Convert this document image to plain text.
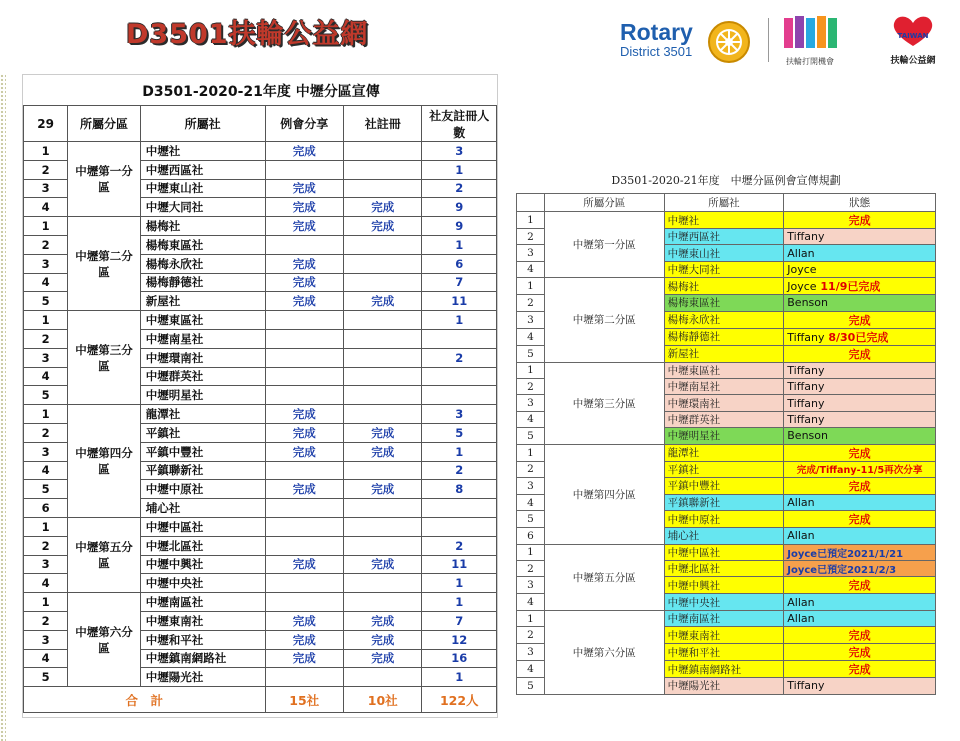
D3501扶輪公益網	Rotary
District 3501
扶輪打開機會
TAIWAN
扶輪公益網
D3501-2020-21年度 中壢分區宣傳
29	所屬分區	所屬社	例會分享	社註冊	社友註冊人數
1	中壢第一分區	中壢社	完成		3
2		中壢西區社			1
3		中壢東山社	完成		2
4		中壢大同社	完成	完成	9
1	中壢第二分區	楊梅社	完成	完成	9
2		楊梅東區社			1
3		楊梅永欣社	完成		6
4		楊梅靜德社	完成		7
5		新屋社	完成	完成	11
1	中壢第三分區	中壢東區社			1
2		中壢南星社			
3		中壢環南社			2
4		中壢群英社			
5		中壢明星社			
1	中壢第四分區	龍潭社	完成		3
2		平鎮社	完成	完成	5
3		平鎮中豐社	完成	完成	1
4		平鎮聯新社			2
5		中壢中原社	完成	完成	8
6		埔心社			
1	中壢第五分區	中壢中區社			
2		中壢北區社			2
3		中壢中興社	完成	完成	11
4		中壢中央社			1
1	中壢第六分區	中壢南區社			1
2		中壢東南社	完成	完成	7
3		中壢和平社	完成	完成	12
4		中壢鎮南網路社	完成	完成	16
5		中壢陽光社			1
合　計			15社	10社	122人
D3501-2020-21年度　中壢分區例會宣傳規劃
	所屬分區	所屬社	狀態
1	中壢第一分區	中壢社	完成
2		中壢西區社	Tiffany
3		中壢東山社	Allan
4		中壢大同社	Joyce
1	中壢第二分區	楊梅社	Joyce 11/9已完成
2		楊梅東區社	Benson
3		楊梅永欣社	完成
4		楊梅靜德社	Tiffany 8/30已完成
5		新屋社	完成
1	中壢第三分區	中壢東區社	Tiffany
2		中壢南星社	Tiffany
3		中壢環南社	Tiffany
4		中壢群英社	Tiffany
5		中壢明星社	Benson
1	中壢第四分區	龍潭社	完成
2		平鎮社	完成/Tiffany-11/5再次分享
3		平鎮中豐社	完成
4		平鎮聯新社	Allan
5		中壢中原社	完成
6		埔心社	Allan
1	中壢第五分區	中壢中區社	Joyce已預定2021/1/21
2		中壢北區社	Joyce已預定2021/2/3
3		中壢中興社	完成
4		中壢中央社	Allan
1	中壢第六分區	中壢南區社	Allan
2		中壢東南社	完成
3		中壢和平社	完成
4		中壢鎮南網路社	完成
5		中壢陽光社	Tiffany
